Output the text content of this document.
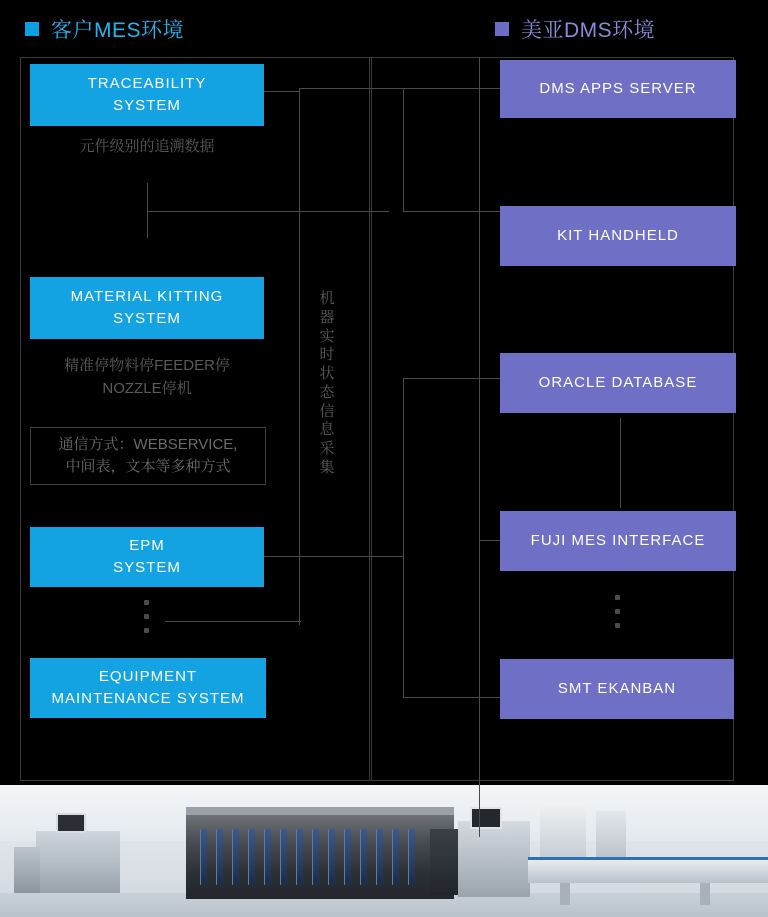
客户MES环境	美亚DMS环境
TRACEABILITY
SYSTEM
元件级别的追溯数据
MATERIAL KITTING
SYSTEM
精准停物料停FEEDER停
NOZZLE停机
通信方式：WEBSERVICE,
中间表，文本等多种方式
EPM
SYSTEM
EQUIPMENT
MAINTENANCE SYSTEM
机器实时状态信息采集
DMS APPS SERVER
KIT HANDHELD
ORACLE DATABASE
FUJI MES INTERFACE
SMT EKANBAN
